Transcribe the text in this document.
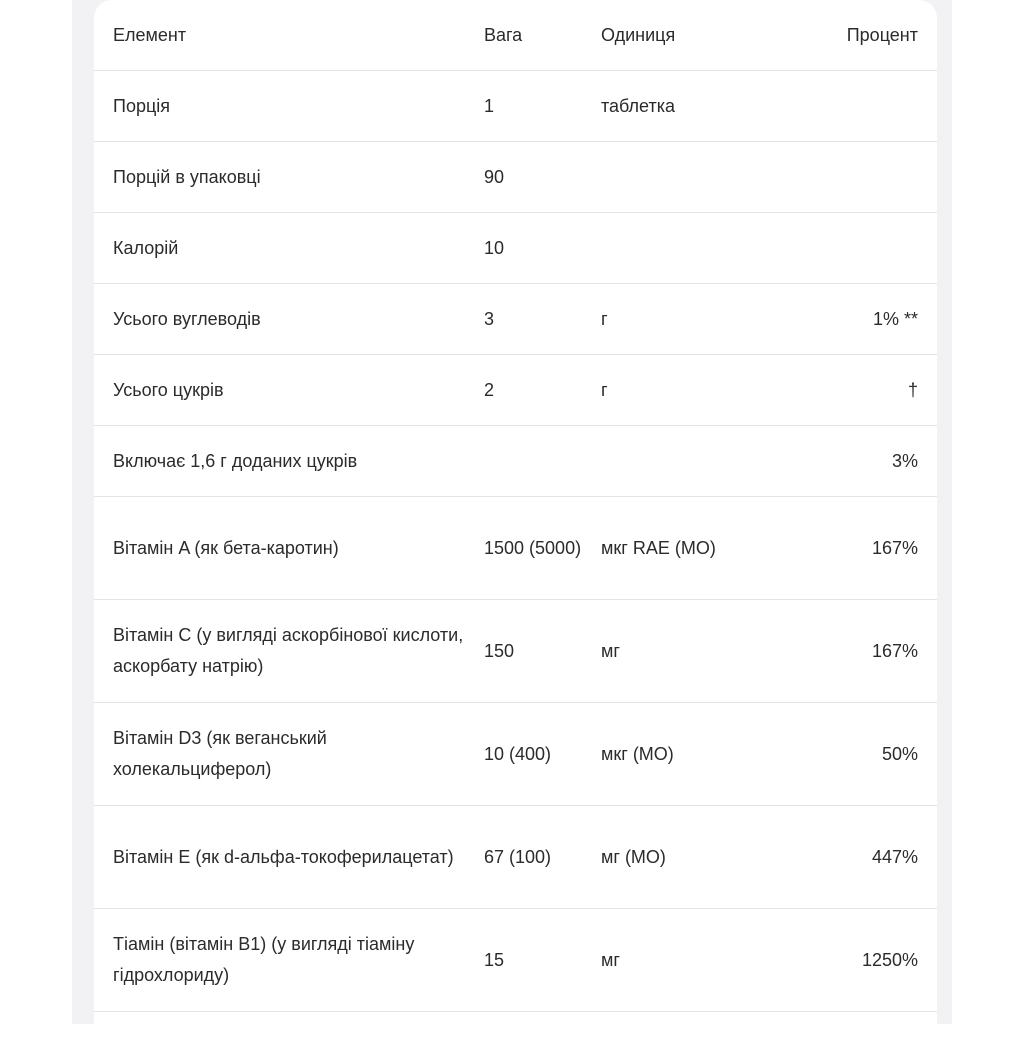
Елемент	Вага	Одиниця	Процент
Порція	1	таблетка	
Порцій в упаковці	90		
Калорій	10		
Усього вуглеводів	3	г	1% **
Усього цукрів	2	г	†
Включає 1,6 г доданих цукрів			3%
Вітамін A (як бета-каротин)	1500 (5000)	мкг RAE (МО)	167%
Вітамін C (у вигляді аскорбінової кислоти, аскорбату натрію)	150	мг	167%
Вітамін D3 (як веганський холекальциферол)	10 (400)	мкг (МО)	50%
Вітамін E (як d-альфа-токоферилацетат)	67 (100)	мг (МО)	447%
Тіамін (вітамін B1) (у вигляді тіаміну гідрохлориду)	15	мг	1250%
